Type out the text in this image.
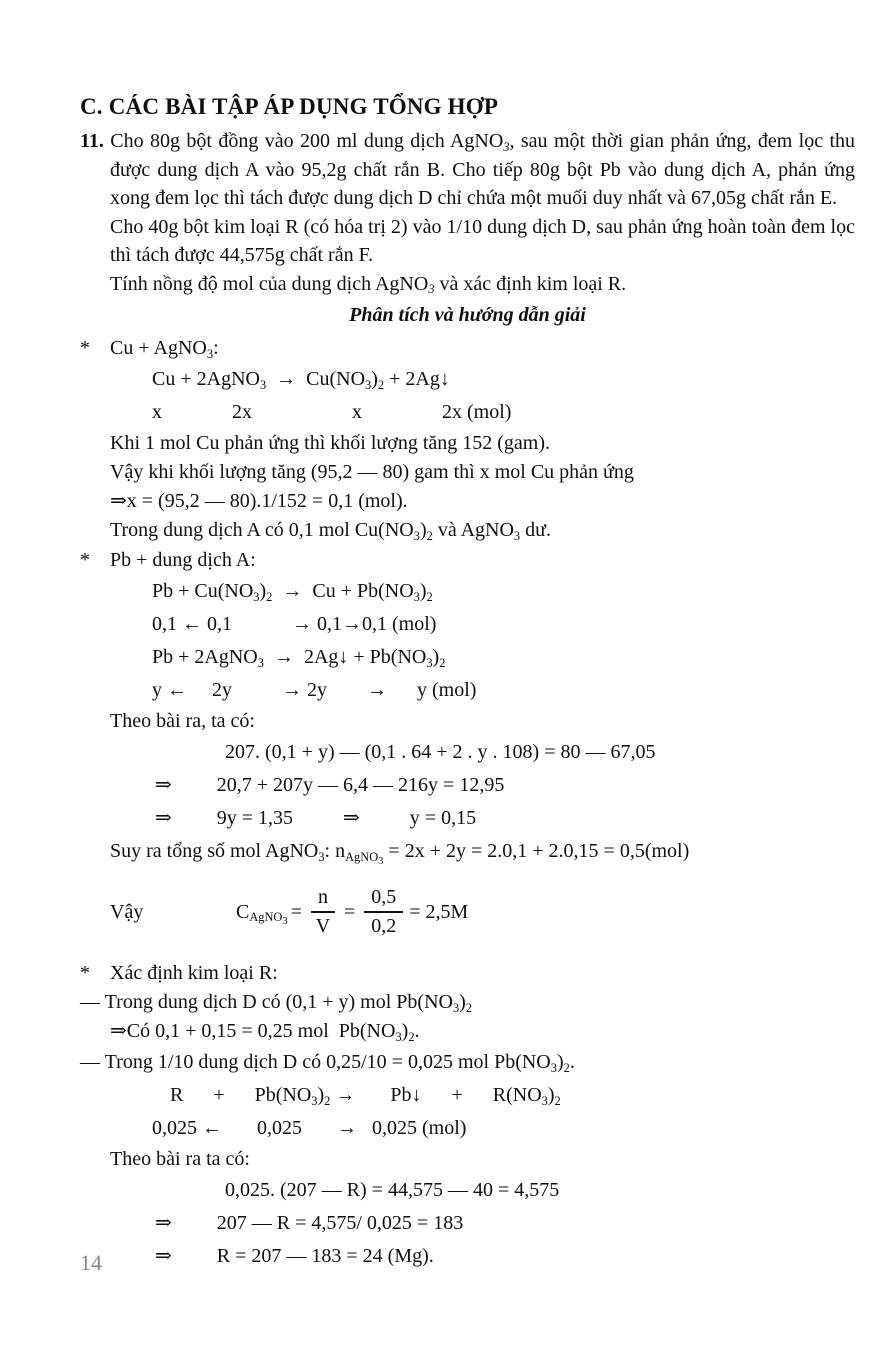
C. CÁC BÀI TẬP ÁP DỤNG TỔNG HỢP

11. Cho 80g bột đồng vào 200 ml dung dịch AgNO$_3$, sau một thời gian phản ứng, đem lọc thu được dung dịch A vào 95,2g chất rắn B. Cho tiếp 80g bột Pb vào dung dịch A, phản ứng xong đem lọc thì tách được dung dịch D chỉ chứa một muối duy nhất và 67,05g chất rắn E.

Cho 40g bột kim loại R (có hóa trị 2) vào 1/10 dung dịch D, sau phản ứng hoàn toàn đem lọc thì tách được 44,575g chất rắn F.

Tính nồng độ mol của dung dịch AgNO$_3$ và xác định kim loại R.

Phân tích và hướng dẫn giải
* Cu + AgNO$_3$:
Cu + 2AgNO$_3$  →  $Cu(NO_3)_2$ + 2Ag↓
x              2x                    x                2x (mol)
Khi 1 mol Cu phản ứng thì khối lượng tăng 152 (gam).
Vậy khi khối lượng tăng (95,2 — 80) gam thì x mol Cu phản ứng
⇒x = (95,2 — 80).1/152 = 0,1 (mol).
Trong dung dịch A có 0,1 mol $Cu(NO_3)_2$ và AgNO$_3$ dư.
* Pb + dung dịch A:
$Pb + Cu(NO_3)_2 \to Cu + Pb(NO_3)_2$
0,1 ← 0,1            → 0,1→0,1 (mol)
Pb + 2AgNO$_3$  →  2Ag↓ + $Pb(NO_3)_2$
y ←     2y          → 2y        →      y (mol)
Theo bài ra, ta có:
207. (0,1 + y) — (0,1 . 64 + 2 . y . 108) = 80 — 67,05
⇒         20,7 + 207y — 6,4 — 216y = 12,95
⇒         9y = 1,35          ⇒          y = 0,15
Suy ra tổng số mol AgNO$_3$: $n_{AgNO_3} = 2x + 2y = 2.0,1 + 2.0,15 = 0,5(mol)$
Vậy	$C_{AgNO_3} = \frac{n}{V} = \frac{0,5}{0,2} = 2,5M$
* Xác định kim loại R:
— Trong dung dịch D có (0,1 + y) mol $Pb(NO_3)_2$
⇒Có 0,1 + 0,15 = 0,25 mol  $Pb(NO_3)_2$.
— Trong 1/10 dung dịch D có 0,25/10 = 0,025 mol $Pb(NO_3)_2$.
R      +      $Pb(NO_3)_2$ →       Pb↓      +      $R(NO_3)_2$
0,025 ←       0,025       →   0,025 (mol)
Theo bài ra ta có:
0,025. (207 — R) = 44,575 — 40 = 4,575
⇒         207 — R = 4,575/ 0,025 = 183
⇒         R = 207 — 183 = 24 (Mg).
14
